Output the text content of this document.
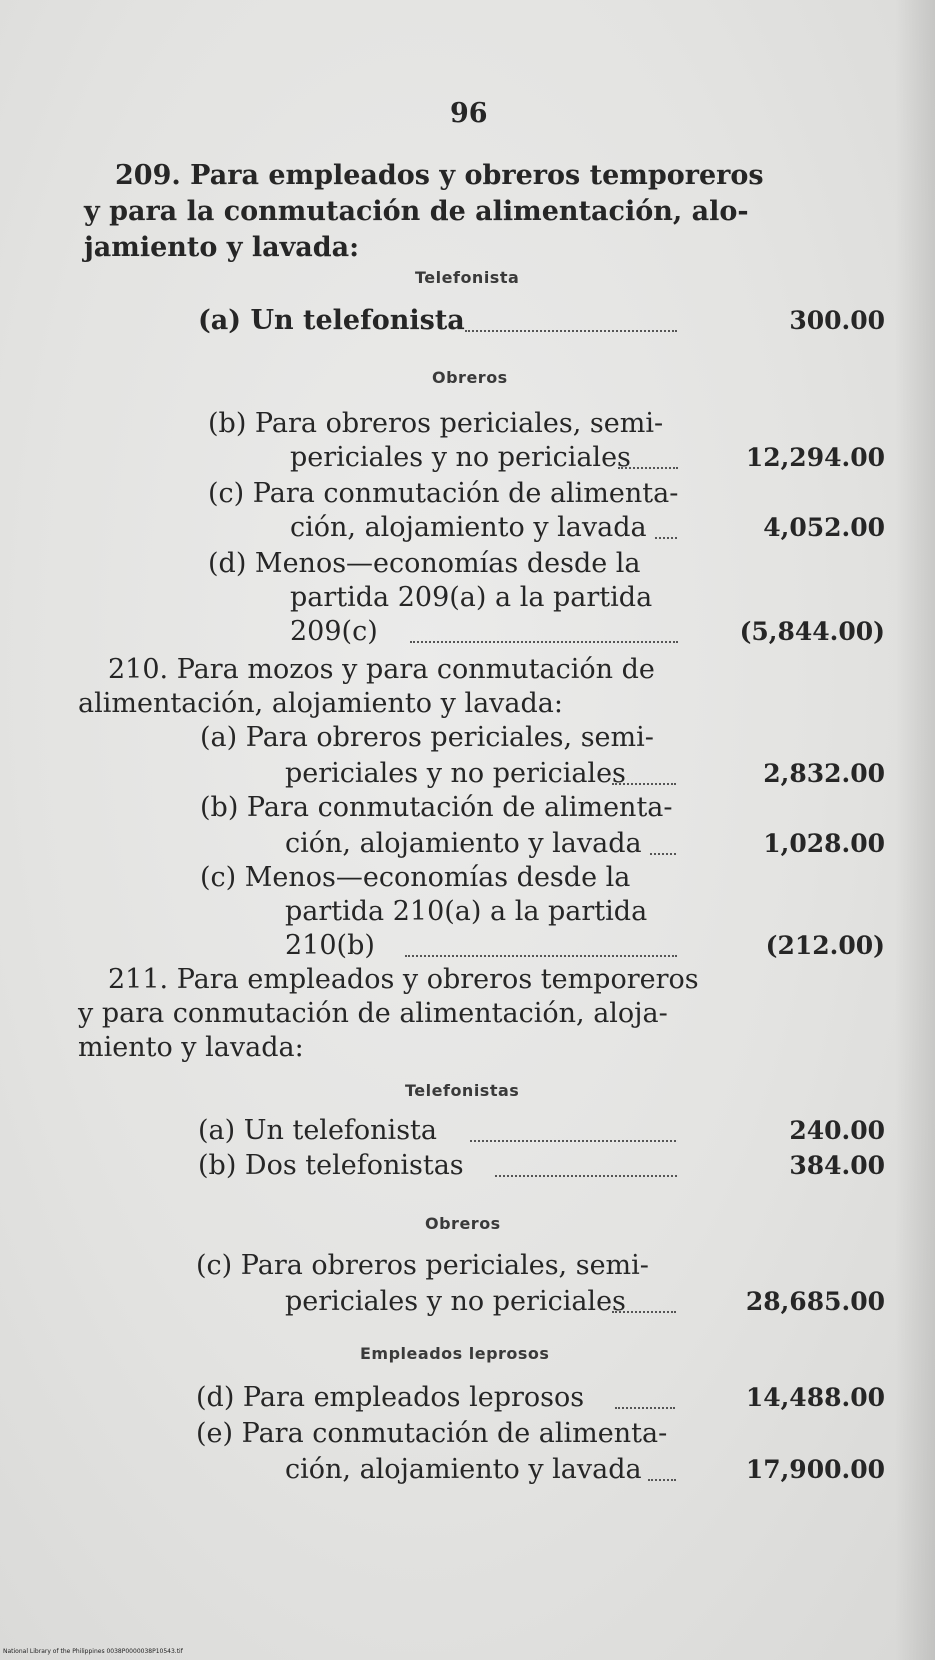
96
209. Para empleados y obreros temporeros
y para la conmutación de alimentación, alo-
jamiento y lavada:
Telefonista
(a) Un telefonista	300.00
Obreros
(b) Para obreros periciales, semi-
periciales y no periciales	12,294.00
(c) Para conmutación de alimenta-
ción, alojamiento y lavada	4,052.00
(d) Menos—economías desde la
partida 209(a) a la partida
209(c)	(5,844.00)
210. Para mozos y para conmutación de
alimentación, alojamiento y lavada:
(a) Para obreros periciales, semi-
periciales y no periciales	2,832.00
(b) Para conmutación de alimenta-
ción, alojamiento y lavada	1,028.00
(c) Menos—economías desde la
partida 210(a) a la partida
210(b)	(212.00)
211. Para empleados y obreros temporeros
y para conmutación de alimentación, aloja-
miento y lavada:
Telefonistas
(a) Un telefonista	240.00
(b) Dos telefonistas	384.00
Obreros
(c) Para obreros periciales, semi-
periciales y no periciales	28,685.00
Empleados leprosos
(d) Para empleados leprosos	14,488.00
(e) Para conmutación de alimenta-
ción, alojamiento y lavada	17,900.00
National Library of the Philippines 0038P0000038P10543.tif
